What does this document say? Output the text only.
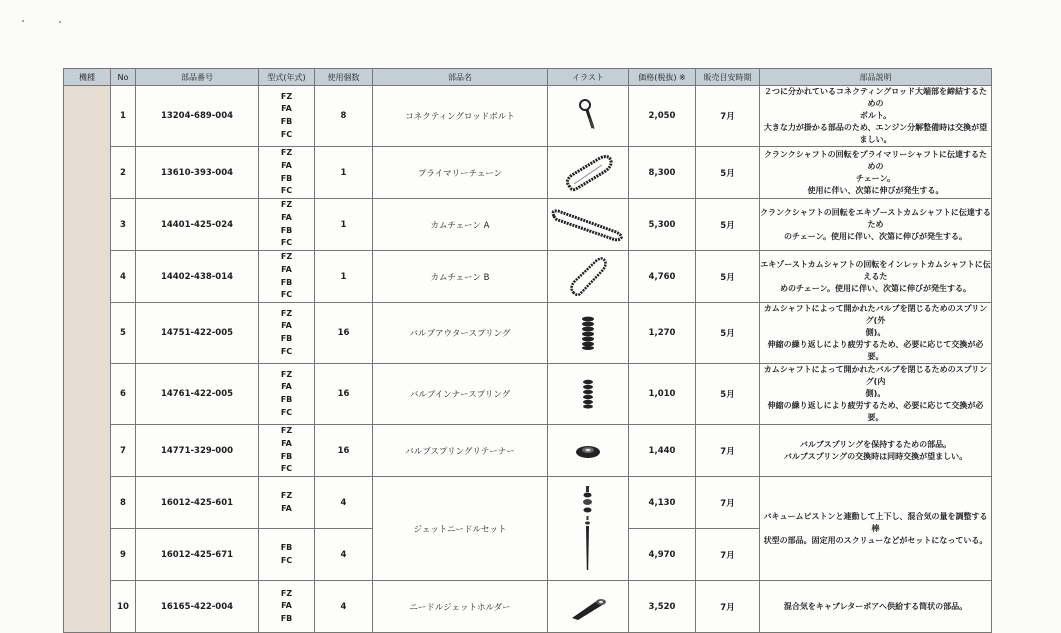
機種	No	部品番号	型式(年式)	使用個数	部品名	イラスト	価格(税抜) ※	販売目安時期	部品説明
	1	13204-689-004	FZ
FA
FB
FC	8	コネクティングロッドボルト		2,050	7月	２つに分かれているコネクティングロッド大端部を締結するための
ボルト。
大きな力が掛かる部品のため、エンジン分解整備時は交換が望
ましい。

	2	13610-393-004	FZ
FA
FB
FC	1	プライマリーチェーン		8,300	5月	クランクシャフトの回転をプライマリーシャフトに伝達するための
チェーン。
使用に伴い、次第に伸びが発生する。

	3	14401-425-024	FZ
FA
FB
FC	1	カムチェーン A		5,300	5月	クランクシャフトの回転をエキゾーストカムシャフトに伝達するため
のチェーン。使用に伴い、次第に伸びが発生する。

	4	14402-438-014	FZ
FA
FB
FC	1	カムチェーン B		4,760	5月	エキゾーストカムシャフトの回転をインレットカムシャフトに伝えるた
めのチェーン。使用に伴い、次第に伸びが発生する。

	5	14751-422-005	FZ
FA
FB
FC	16	バルブアウタースプリング		1,270	5月	カムシャフトによって開かれたバルブを閉じるためのスプリング(外
側)。
伸縮の繰り返しにより疲労するため、必要に応じて交換が必要。

	6	14761-422-005	FZ
FA
FB
FC	16	バルブインナースプリング		1,010	5月	カムシャフトによって開かれたバルブを閉じるためのスプリング(内
側)。
伸縮の繰り返しにより疲労するため、必要に応じて交換が必要。

	7	14771-329-000	FZ
FA
FB
FC	16	バルブスプリングリテーナー		1,440	7月	バルブスプリングを保持するための部品。
バルブスプリングの交換時は同時交換が望ましい。

	8	16012-425-601	FZ
FA	4	ジェットニードルセット		4,130	7月	バキュームピストンと連動して上下し、混合気の量を調整する棒
状型の部品。固定用のスクリューなどがセットになっている。

	9	16012-425-671	FB
FC	4			4,970	7月	
	10	16165-422-004	FZ
FA
FB	4	ニードルジェットホルダー		3,520	7月	混合気をキャブレターボアへ供給する筒状の部品。
